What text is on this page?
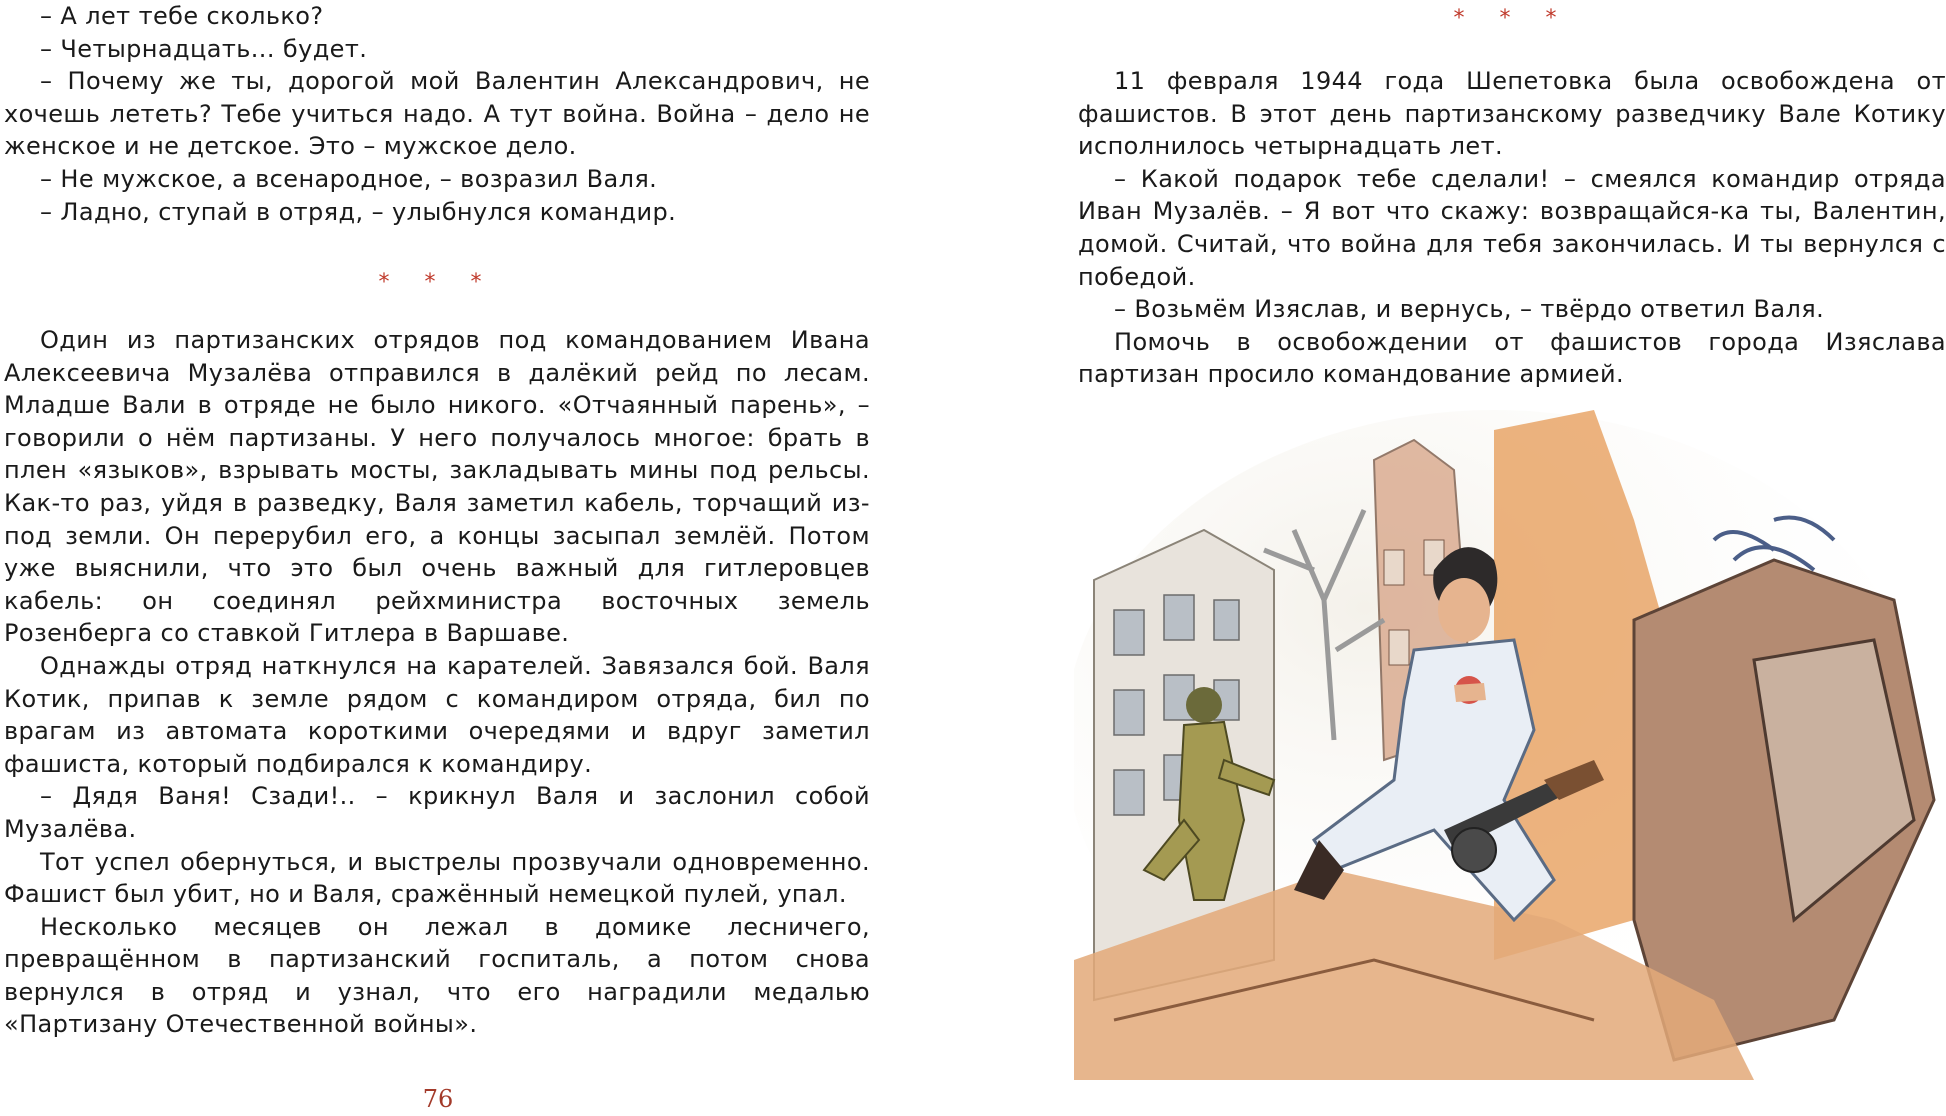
– А лет тебе сколько?

– Четырнадцать... будет.

– Почему же ты, дорогой мой Валентин Александрович, не хочешь лететь? Тебе учиться надо. А тут война. Война – дело не женское и не детское. Это – мужское дело.

– Не мужское, а всенародное, – возразил Валя.

– Ладно, ступай в отряд, – улыбнулся командир.

* * *

Один из партизанских отрядов под командованием Ивана Алексеевича Музалёва отправился в далёкий рейд по лесам. Младше Вали в отряде не было никого. «Отчаянный парень», – говорили о нём партизаны. У него получалось многое: брать в плен «языков», взрывать мосты, закладывать мины под рельсы. Как-то раз, уйдя в разведку, Валя заметил кабель, торчащий из-под земли. Он перерубил его, а концы засыпал землёй. Потом уже выяснили, что это был очень важный для гитлеровцев кабель: он соединял рейхминистра восточных земель Розенберга со ставкой Гитлера в Варшаве.

Однажды отряд наткнулся на карателей. Завязался бой. Валя Котик, припав к земле рядом с командиром отряда, бил по врагам из автомата короткими очередями и вдруг заметил фашиста, который подбирался к командиру.

– Дядя Ваня! Сзади!.. – крикнул Валя и заслонил собой Музалёва.

Тот успел обернуться, и выстрелы прозвучали одновременно. Фашист был убит, но и Валя, сражённый немецкой пулей, упал.

Несколько месяцев он лежал в домике лесничего, превращённом в партизанский госпиталь, а потом снова вернулся в отряд и узнал, что его наградили медалью «Партизану Отечественной войны».

76
* * *

11 февраля 1944 года Шепетовка была освобождена от фашистов. В этот день партизанскому разведчику Вале Котику исполнилось четырнадцать лет.

– Какой подарок тебе сделали! – смеялся командир отряда Иван Музалёв. – Я вот что скажу: возвращайся-ка ты, Валентин, домой. Считай, что война для тебя закончилась. И ты вернулся с победой.

– Возьмём Изяслав, и вернусь, – твёрдо ответил Валя.

Помочь в освобождении от фашистов города Изяслава партизан просило командование армией.
